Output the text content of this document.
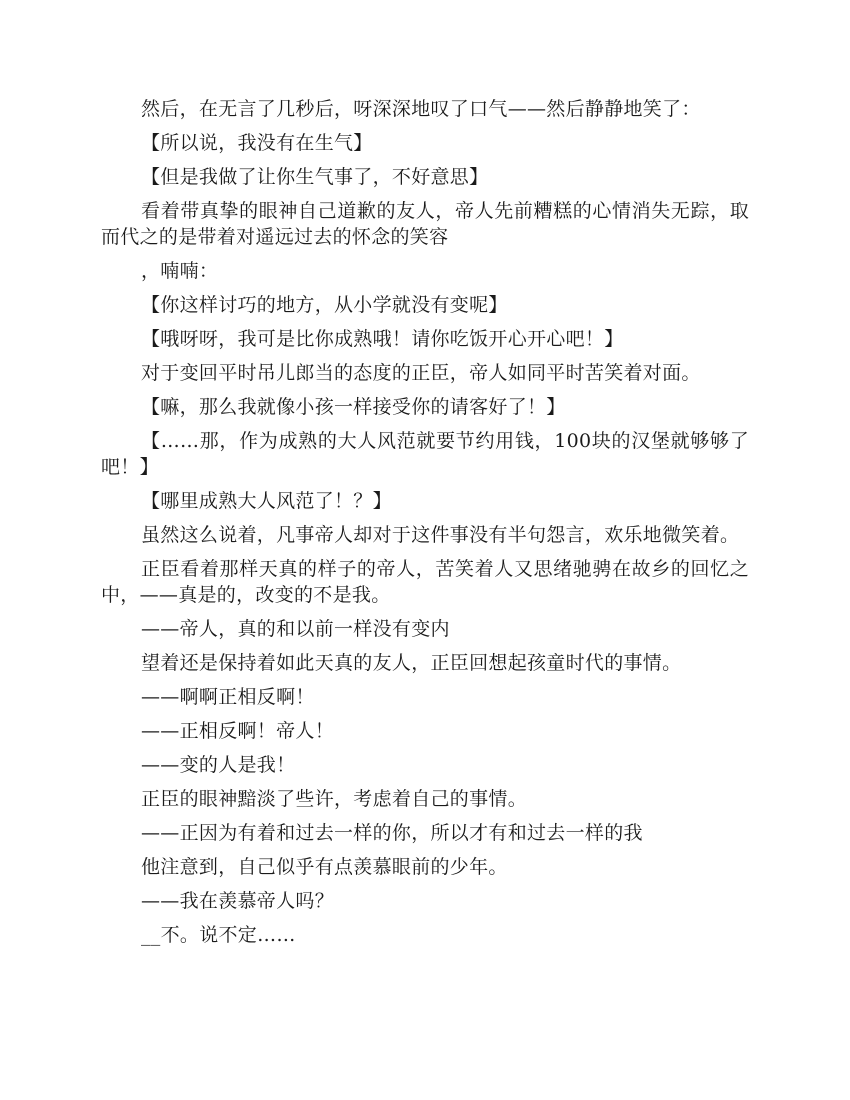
然后，在无言了几秒后，呀深深地叹了口气——然后静静地笑了：

【所以说，我没有在生气】

【但是我做了让你生气事了，不好意思】

看着带真挚的眼神自己道歉的友人，帝人先前糟糕的心情消失无踪，取而代之的是带着对遥远过去的怀念的笑容

，喃喃：

【你这样讨巧的地方，从小学就没有变呢】

【哦呀呀，我可是比你成熟哦！请你吃饭开心开心吧！】

对于变回平时吊儿郎当的态度的正臣，帝人如同平时苦笑着对面。

【嘛，那么我就像小孩一样接受你的请客好了！】

【……那，作为成熟的大人风范就要节约用钱，100块的汉堡就够够了吧！】

【哪里成熟大人风范了！？】

虽然这么说着，凡事帝人却对于这件事没有半句怨言，欢乐地微笑着。

正臣看着那样天真的样子的帝人，苦笑着人又思绪驰骋在故乡的回忆之中，——真是的，改变的不是我。

——帝人，真的和以前一样没有变内

望着还是保持着如此天真的友人，正臣回想起孩童时代的事情。

——啊啊正相反啊！

——正相反啊！帝人！

——变的人是我！

正臣的眼神黯淡了些许，考虑着自己的事情。

——正因为有着和过去一样的你，所以才有和过去一样的我

他注意到，自己似乎有点羡慕眼前的少年。

——我在羡慕帝人吗？

__不。说不定……
